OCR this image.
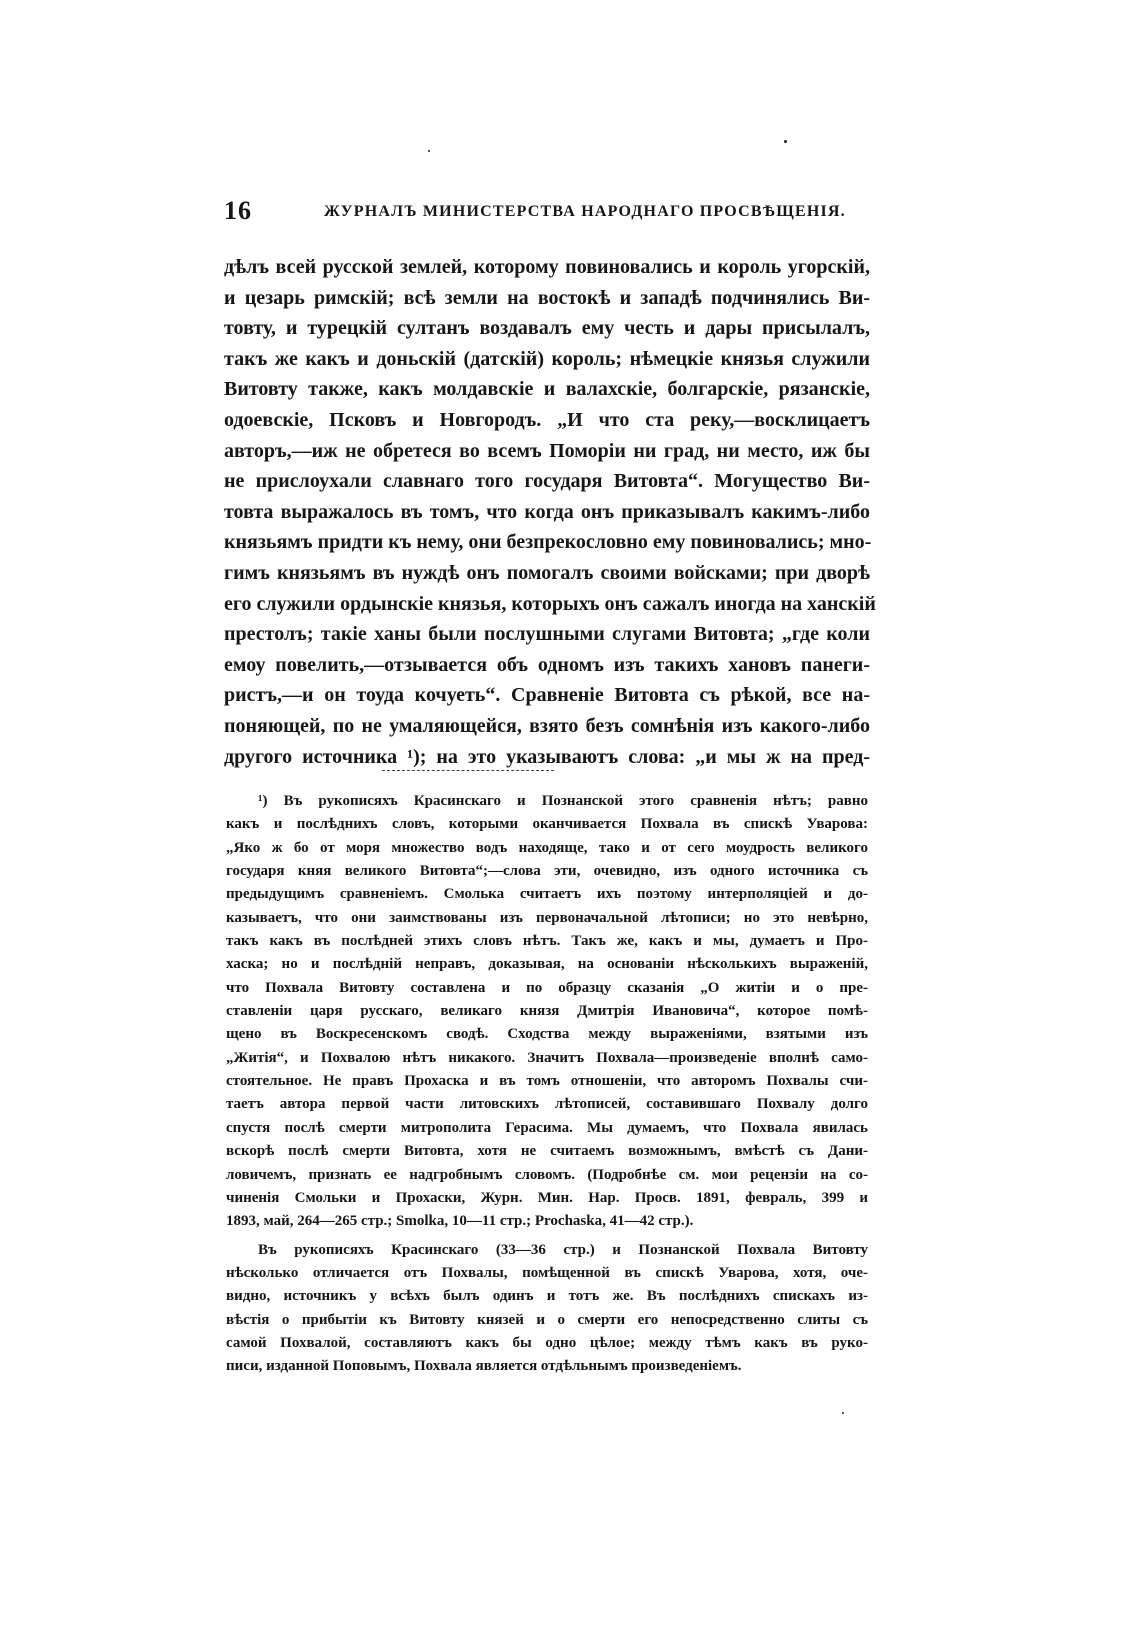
16	ЖУРНАЛЪ МИНИСТЕРСТВА НАРОДНАГО ПРОСВѢЩЕНІЯ.
дѣлъ всей русской землей, которому повиновались и король угорскій,
и цезарь римскій; всѣ земли на востокѣ и западѣ подчинялись Ви-
товту, и турецкій султанъ воздавалъ ему честь и дары присылалъ,
такъ же какъ и доньскій (датскій) король; нѣмецкіе князья служили
Витовту также, какъ молдавскіе и валахскіе, болгарскіе, рязанскіе,
одоевскіе, Псковъ и Новгородъ. „И что ста реку,—восклицаетъ
авторъ,—иж не обретеся во всемъ Поморіи ни град, ни место, иж бы
не прислоухали славнаго того государя Витовта“. Могущество Ви-
товта выражалось въ томъ, что когда онъ приказывалъ какимъ-либо
князьямъ придти къ нему, они безпрекословно ему повиновались; мно-
гимъ князьямъ въ нуждѣ онъ помогалъ своими войсками; при дворѣ
его служили ордынскіе князья, которыхъ онъ сажалъ иногда на ханскій
престолъ; такіе ханы были послушными слугами Витовта; „где коли
емоу повелить,—отзывается объ одномъ изъ такихъ хановъ панеги-
ристъ,—и он тоуда кочуеть“. Сравненіе Витовта съ рѣкой, все на-
поняющей, по не умаляющейся, взято безъ сомнѣнія изъ какого-либо
другого источника ¹); на это указываютъ слова: „и мы ж на пред-
¹) Въ рукописяхъ Красинскаго и Познанской этого сравненія нѣтъ; равно
какъ и послѣднихъ словъ, которыми оканчивается Похвала въ спискѣ Уварова:
„Яко ж бо от моря множество водъ находяще, тако и от сего моудрость великого
государя княя великого Витовта“;—слова эти, очевидно, изъ одного источника съ
предыдущимъ сравненіемъ. Смолька считаетъ ихъ поэтому интерполяціей и до-
казываетъ, что они заимствованы изъ первоначальной лѣтописи; но это невѣрно,
такъ какъ въ послѣдней этихъ словъ нѣтъ. Такъ же, какъ и мы, думаетъ и Про-
хаска; но и послѣдній неправъ, доказывая, на основаніи нѣсколькихъ выраженій,
что Похвала Витовту составлена и по образцу сказанія „О житіи и о пре-
ставленіи царя русскаго, великаго князя Дмитрія Ивановича“, которое помѣ-
щено въ Воскресенскомъ сводѣ. Сходства между выраженіями, взятыми изъ
„Житія“, и Похвалою нѣтъ никакого. Значитъ Похвала—произведеніе вполнѣ само-
стоятельное. Не правъ Прохаска и въ томъ отношеніи, что авторомъ Похвалы счи-
таетъ автора первой части литовскихъ лѣтописей, составившаго Похвалу долго
спустя послѣ смерти митрополита Герасима. Мы думаемъ, что Похвала явилась
вскорѣ послѣ смерти Витовта, хотя не считаемъ возможнымъ, вмѣстѣ съ Дани-
ловичемъ, признать ее надгробнымъ словомъ. (Подробнѣе см. мои рецензіи на со-
чиненія Смольки и Прохаски, Журн. Мин. Нар. Просв. 1891, февраль, 399 и
1893, май, 264—265 стр.; Smolka, 10—11 стр.; Prochaska, 41—42 стр.).
Въ рукописяхъ Красинскаго (33—36 стр.) и Познанской Похвала Витовту
нѣсколько отличается отъ Похвалы, помѣщенной въ спискѣ Уварова, хотя, оче-
видно, источникъ у всѣхъ былъ одинъ и тотъ же. Въ послѣднихъ спискахъ из-
вѣстія о прибытіи къ Витовту князей и о смерти его непосредственно слиты съ
самой Похвалой, составляютъ какъ бы одно цѣлое; между тѣмъ какъ въ руко-
писи, изданной Поповымъ, Похвала является отдѣльнымъ произведеніемъ.
